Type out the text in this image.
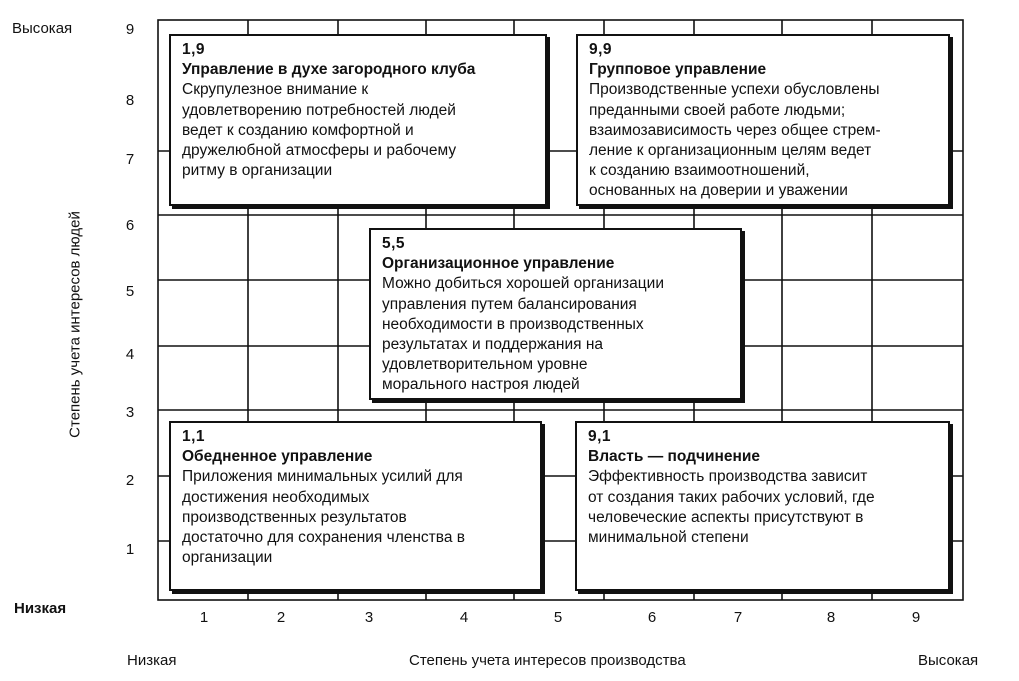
9
8
7
6
5
4
3
2
1
1	2	3	4	5	6	7	8	9
Высокая
Низкая
Низкая	Высокая
Степень учета интересов людей
Степень учета интересов производства
1,9
Управление в духе загородного клуба
Скрупулезное внимание к
удовлетворению потребностей людей
ведет к созданию комфортной и
дружелюбной атмосферы и рабочему
ритму в организации
9,9
Групповое управление
Производственные успехи обусловлены
преданными своей работе людьми;
взаимозависимость через общее стрем-
ление к организационным целям ведет
к созданию взаимоотношений,
основанных на доверии и уважении
5,5
Организационное управление
Можно добиться хорошей организации
управления путем балансирования
необходимости в производственных
результатах и поддержания на
удовлетворительном уровне
морального настроя людей
1,1
Обедненное управление
Приложения минимальных усилий для
достижения необходимых
производственных результатов
достаточно для сохранения членства в
организации
9,1
Власть — подчинение
Эффективность производства зависит
от создания таких рабочих условий, где
человеческие аспекты присутствуют в
минимальной степени
